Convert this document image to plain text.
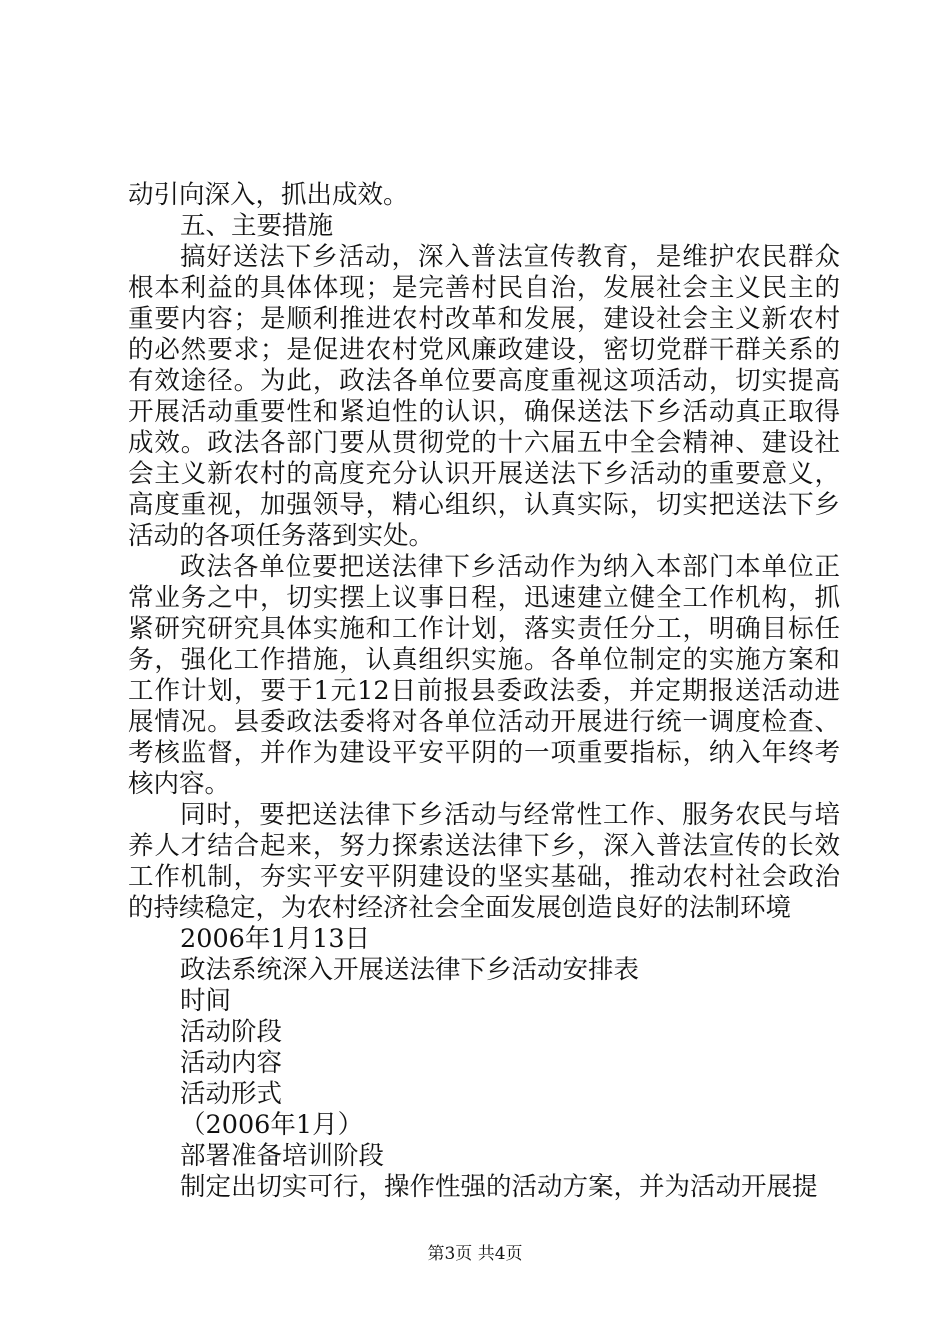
动引向深入，抓出成效。
五、主要措施
搞好送法下乡活动，深入普法宣传教育，是维护农民群众
根本利益的具体体现；是完善村民自治，发展社会主义民主的
重要内容；是顺利推进农村改革和发展，建设社会主义新农村
的必然要求；是促进农村党风廉政建设，密切党群干群关系的
有效途径。为此，政法各单位要高度重视这项活动，切实提高
开展活动重要性和紧迫性的认识，确保送法下乡活动真正取得
成效。政法各部门要从贯彻党的十六届五中全会精神、建设社
会主义新农村的高度充分认识开展送法下乡活动的重要意义，
高度重视，加强领导，精心组织，认真实际，切实把送法下乡
活动的各项任务落到实处。
政法各单位要把送法律下乡活动作为纳入本部门本单位正
常业务之中，切实摆上议事日程，迅速建立健全工作机构，抓
紧研究研究具体实施和工作计划，落实责任分工，明确目标任
务，强化工作措施，认真组织实施。各单位制定的实施方案和
工作计划，要于1元12日前报县委政法委，并定期报送活动进
展情况。县委政法委将对各单位活动开展进行统一调度检查、
考核监督，并作为建设平安平阴的一项重要指标，纳入年终考
核内容。
同时，要把送法律下乡活动与经常性工作、服务农民与培
养人才结合起来，努力探索送法律下乡，深入普法宣传的长效
工作机制，夯实平安平阴建设的坚实基础，推动农村社会政治
的持续稳定，为农村经济社会全面发展创造良好的法制环境
2006年1月13日
政法系统深入开展送法律下乡活动安排表
时间
活动阶段
活动内容
活动形式
（2006年1月）
部署准备培训阶段
制定出切实可行，操作性强的活动方案，并为活动开展提
第3页 共4页
